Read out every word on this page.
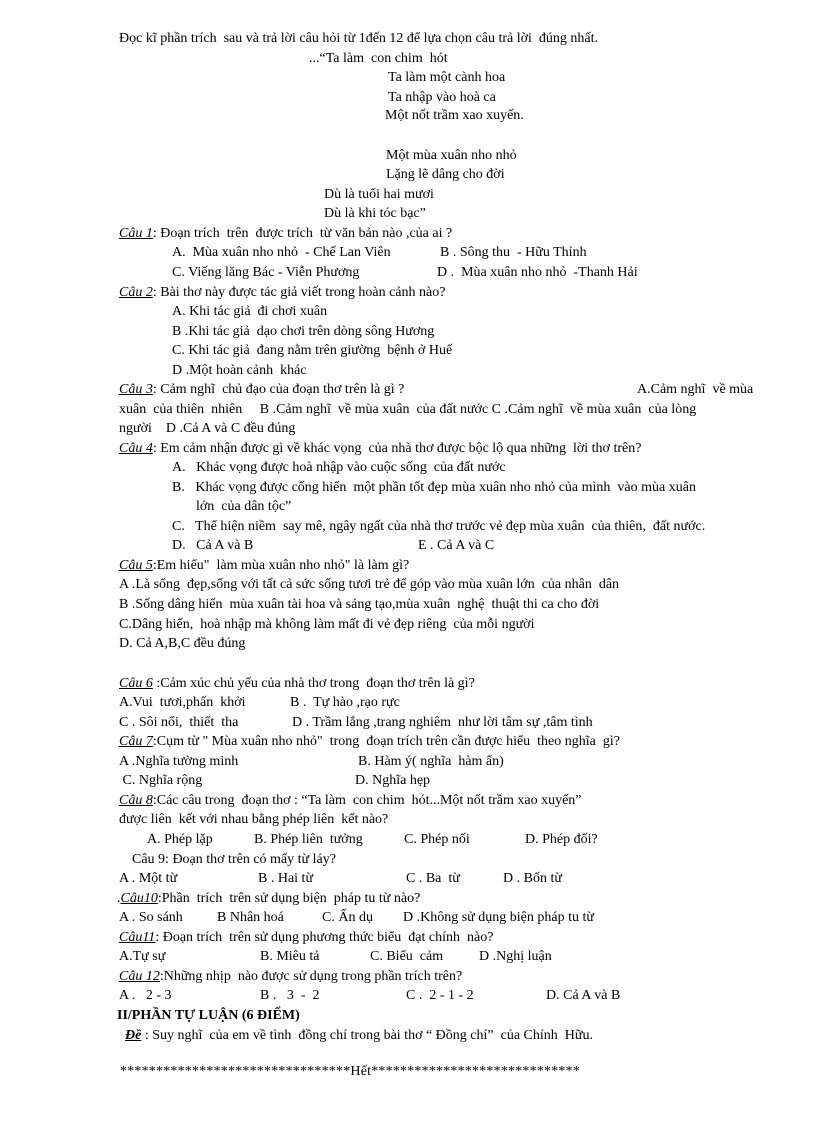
Đọc kĩ phần trích  sau và trả lời câu hỏi từ 1đến 12 để lựa chọn câu trả lời  đúng nhất.
...“Ta làm  con chim  hót
Ta làm một cành hoa
Ta nhập vào hoà ca
Một nốt trầm xao xuyến.
Một mùa xuân nho nhỏ
Lặng lẽ dâng cho đời
Dù là tuổi hai mươi
Dù là khi tóc bạc”
Câu 1: Đoạn trích  trên  được trích  từ văn bản nào ,của ai ?
A.  Mùa xuân nho nhỏ  - Chế Lan Viên	B . Sông thu  - Hữu Thỉnh
C. Viếng lăng Bác - Viễn Phương	D .  Mùa xuân nho nhỏ  -Thanh Hải
Câu 2: Bài thơ này được tác giả viết trong hoàn cảnh nào?
A. Khi tác giả  đi chơi xuân
B .Khi tác giả  dạo chơi trên dòng sông Hương
C. Khi tác giả  đang nằm trên giường  bệnh ở Huế
D .Một hoàn cảnh  khác
Câu 3: Cảm nghĩ  chủ đạo của đoạn thơ trên là gì ?	A.Cảm nghĩ  về mùa
xuân  của thiên  nhiên     B .Cảm nghĩ  về mùa xuân  của đất nước C .Cảm nghĩ  về mùa xuân  của lòng
người    D .Cả A và C đều đúng
Câu 4: Em cảm nhận được gì về khác vọng  của nhà thơ được bộc lộ qua những  lời thơ trên?
A.   Khác vọng được hoà nhập vào cuộc sống  của đất nước
B.   Khác vọng được cống hiến  một phần tốt đẹp mùa xuân nho nhỏ của mình  vào mùa xuân
lớn  của dân tộc”
C.   Thể hiện niềm  say mê, ngây ngất của nhà thơ trước vẻ đẹp mùa xuân  của thiên,  đất nước.
D.   Cả A và B	E . Cả A và C
Câu 5:Em hiểu"  làm mùa xuân nho nhỏ" là làm gì?
A .Là sống  đẹp,sống với tất cả sức sống tươi trẻ để góp vào mùa xuân lớn  của nhân  dân
B .Sống dâng hiến  mùa xuân tài hoa và sáng tạo,mùa xuân  nghệ  thuật thi ca cho đời
C.Dâng hiến,  hoà nhập mà không làm mất đi vẻ đẹp riêng  của mỗi người
D. Cả A,B,C đều đúng
Câu 6 :Cảm xúc chủ yếu của nhà thơ trong  đoạn thơ trên là gì?
A.Vui  tươi,phấn  khởi	B .  Tự hào ,rạo rực
C . Sôi nổi,  thiết  tha	D . Trầm lắng ,trang nghiêm  như lời tâm sự ,tâm tình
Câu 7:Cụm từ " Mùa xuân nho nhỏ"  trong  đoạn trích trên cần được hiểu  theo nghĩa  gì?
A .Nghĩa tường minh	B. Hàm ý( nghĩa  hàm ẩn)
C. Nghĩa rộng	D. Nghĩa hẹp
Câu 8:Các câu trong  đoạn thơ : “Ta làm  con chim  hót...Một nốt trầm xao xuyến”
được liên  kết với nhau bằng phép liên  kết nào?
A. Phép lặp	B. Phép liên  tưởng	C. Phép nối	D. Phép đối?
Câu 9: Đoạn thơ trên có mấy từ láy?
A . Một từ	B . Hai từ	C . Ba  từ	D . Bốn từ
.Câu10:Phần  trích  trên sử dụng biện  pháp tu từ nào?
A . So sánh B Nhân hoá	C. Ẩn dụ D .Không sử dụng biện pháp tu từ
Câu11: Đoạn trích  trên sử dụng phương thức biểu  đạt chính  nào?
A.Tự sự	B. Miêu tả	C. Biểu  cảm	D .Nghị luận
Câu 12:Những nhịp  nào được sử dụng trong phần trích trên?
A .   2 - 3	B .   3  -  2	C .  2 - 1 - 2	D. Cả A và B
II/PHẦN TỰ LUẬN (6 ĐIỂM)
Đề : Suy nghĩ  của em về tình  đồng chí trong bài thơ “ Đồng chí”  của Chính  Hữu.
********************************Hết*****************************
